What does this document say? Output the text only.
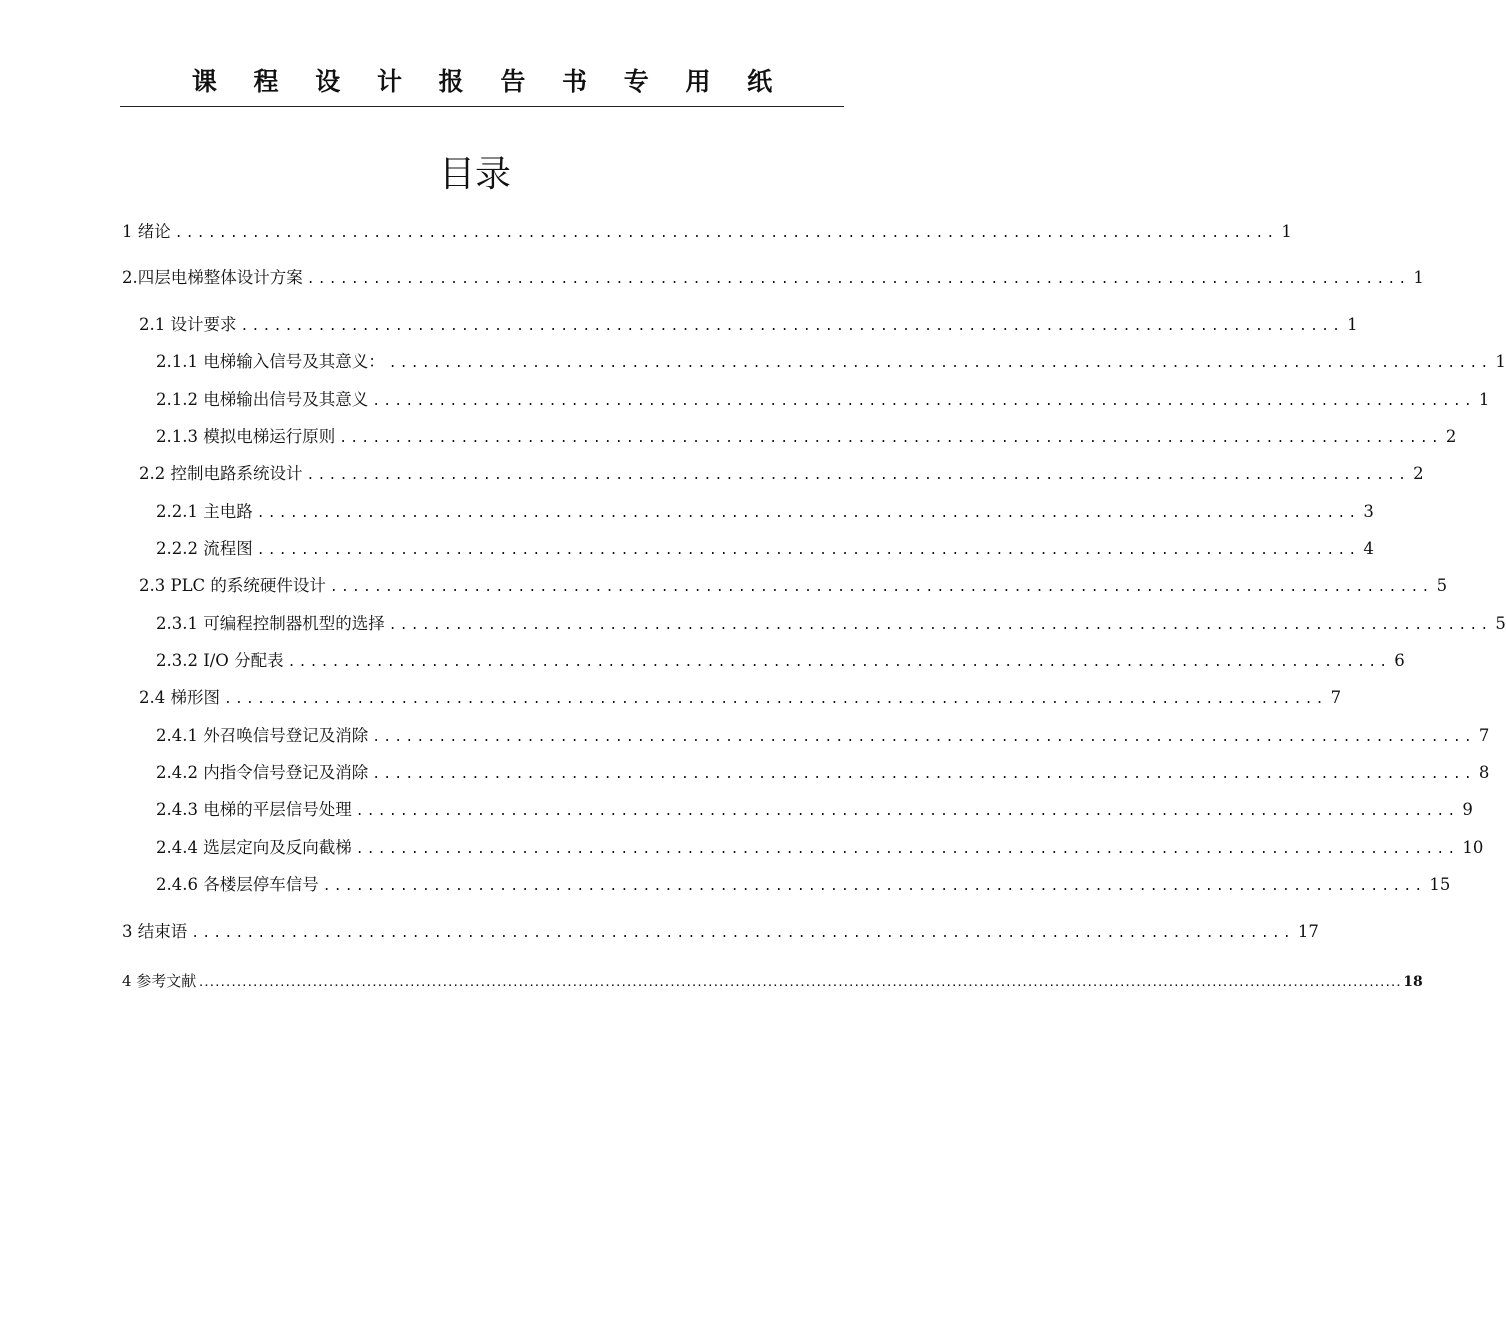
课 程 设 计 报 告 书 专 用 纸
目录
1 绪论 .................................................................................................... 1
2.四层电梯整体设计方案 .................................................................................................... 1
2.1 设计要求 .................................................................................................... 1
2.1.1 电梯输入信号及其意义： .................................................................................................... 1
2.1.2 电梯输出信号及其意义 .................................................................................................... 1
2.1.3 模拟电梯运行原则 .................................................................................................... 2
2.2 控制电路系统设计 .................................................................................................... 2
2.2.1 主电路 .................................................................................................... 3
2.2.2 流程图 .................................................................................................... 4
2.3 PLC 的系统硬件设计 .................................................................................................... 5
2.3.1 可编程控制器机型的选择 .................................................................................................... 5
2.3.2 I/O 分配表 .................................................................................................... 6
2.4 梯形图 .................................................................................................... 7
2.4.1 外召唤信号登记及消除 .................................................................................................... 7
2.4.2 内指令信号登记及消除 .................................................................................................... 8
2.4.3 电梯的平层信号处理 .................................................................................................... 9
2.4.4 选层定向及反向截梯 .................................................................................................... 10
2.4.6 各楼层停车信号 .................................................................................................... 15
3 结束语 .................................................................................................... 17
4 参考文献 .............................................................................................................................................................................................................................. 18
